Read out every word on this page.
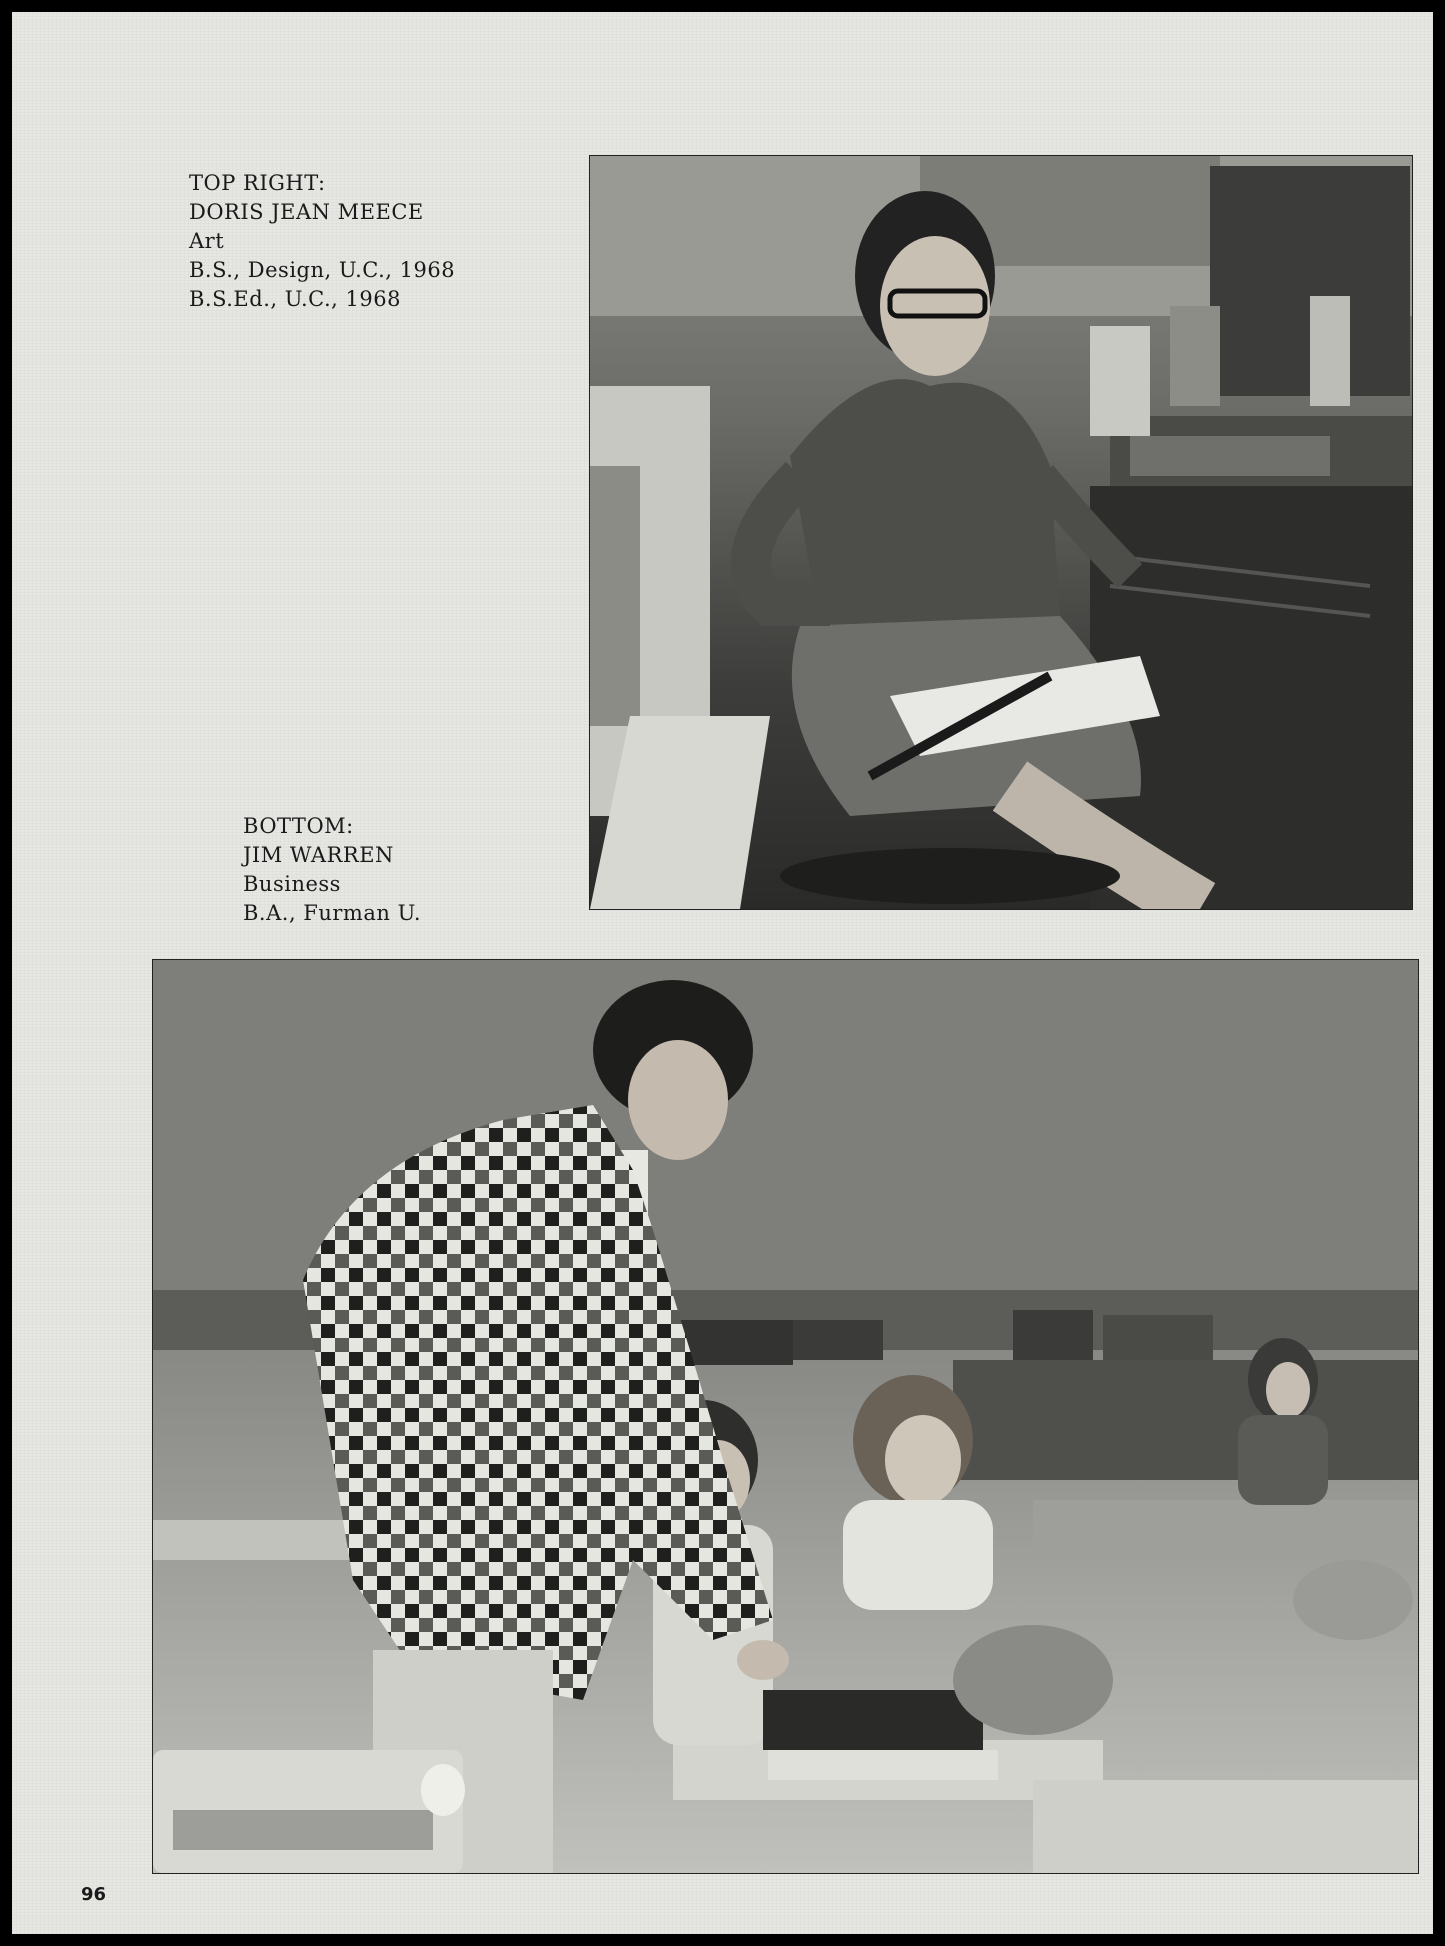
TOP RIGHT:
DORIS JEAN MEECE
Art
B.S., Design, U.C., 1968
B.S.Ed., U.C., 1968
BOTTOM:
JIM WARREN
Business
B.A., Furman U.
96
